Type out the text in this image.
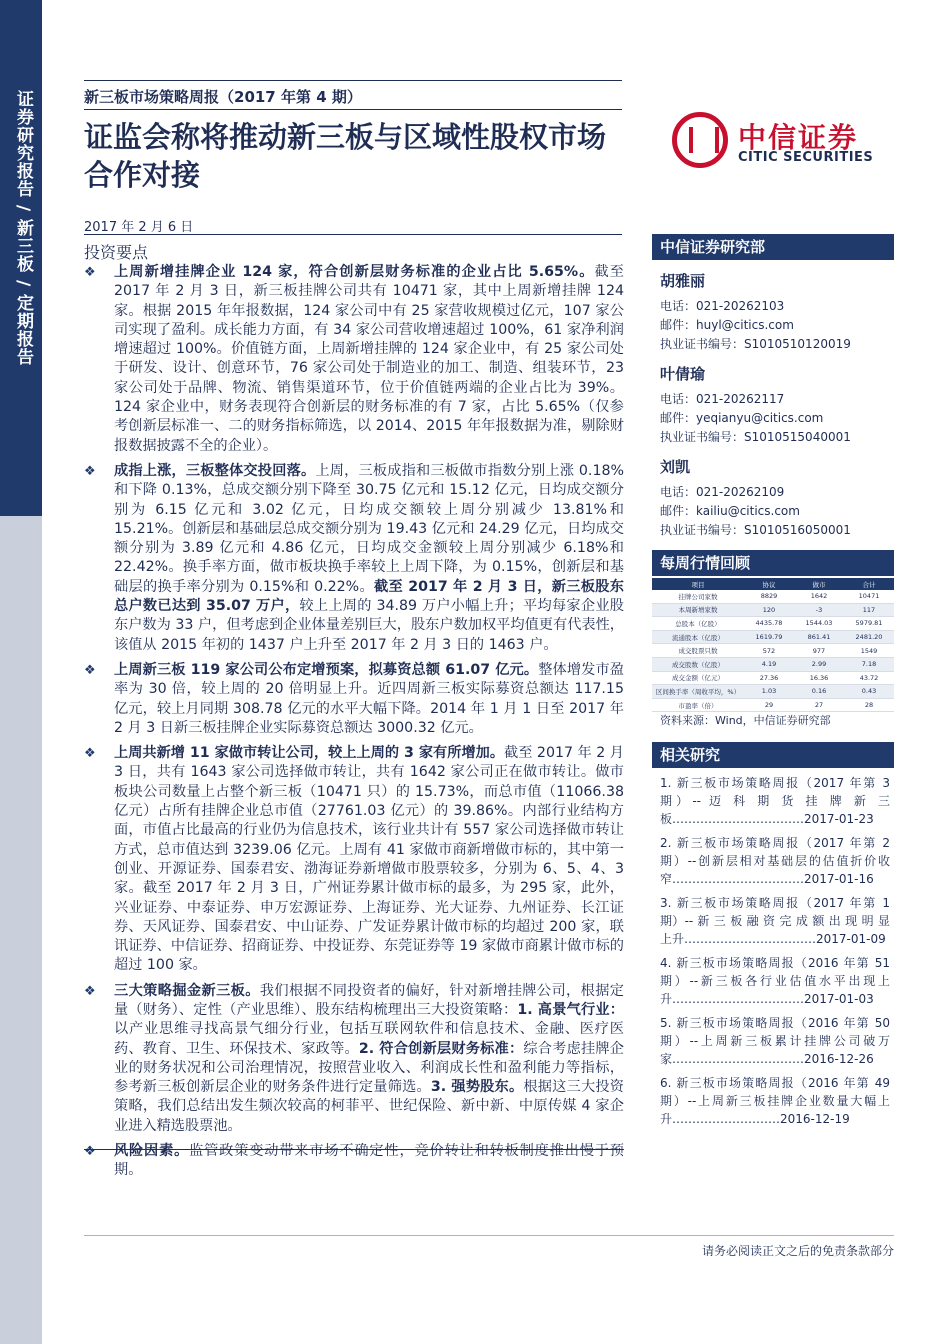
证券研究报告 / 新三板 / 定期报告	新三板市场策略周报（2017 年第 4 期）
证监会称将推动新三板与区域性股权市场合作对接
中信证券
CITIC SECURITIES
2017 年 2 月 6 日
投资要点
❖ 上周新增挂牌企业 124 家，符合创新层财务标准的企业占比 5.65%。截至 2017 年 2 月 3 日，新三板挂牌公司共有 10471 家，其中上周新增挂牌 124 家。根据 2015 年年报数据，124 家公司中有 25 家营收规模过亿元，107 家公司实现了盈利。成长能力方面，有 34 家公司营收增速超过 100%，61 家净利润增速超过 100%。价值链方面，上周新增挂牌的 124 家企业中，有 25 家公司处于研发、设计、创意环节，76 家公司处于制造业的加工、制造、组装环节，23 家公司处于品牌、物流、销售渠道环节，位于价值链两端的企业占比为 39%。124 家企业中，财务表现符合创新层的财务标准的有 7 家，占比 5.65%（仅参考创新层标准一、二的财务指标筛选，以 2014、2015 年年报数据为准，剔除财报数据披露不全的企业）。
❖ 成指上涨，三板整体交投回落。上周，三板成指和三板做市指数分别上涨 0.18%和下降 0.13%，总成交额分别下降至 30.75 亿元和 15.12 亿元，日均成交额分别为 6.15 亿元和 3.02 亿元，日均成交额较上周分别减少 13.81%和 15.21%。创新层和基础层总成交额分别为 19.43 亿元和 24.29 亿元，日均成交额分别为 3.89 亿元和 4.86 亿元，日均成交金额较上周分别减少 6.18%和 22.42%。换手率方面，做市板块换手率较上上周下降，为 0.15%，创新层和基础层的换手率分别为 0.15%和 0.22%。截至 2017 年 2 月 3 日，新三板股东总户数已达到 35.07 万户，较上上周的 34.89 万户小幅上升；平均每家企业股东户数为 33 户，但考虑到企业体量差别巨大，股东户数加权平均值更有代表性，该值从 2015 年初的 1437 户上升至 2017 年 2 月 3 日的 1463 户。
❖ 上周新三板 119 家公司公布定增预案，拟募资总额 61.07 亿元。整体增发市盈率为 30 倍，较上周的 20 倍明显上升。近四周新三板实际募资总额达 117.15 亿元，较上月同期 308.78 亿元的水平大幅下降。2014 年 1 月 1 日至 2017 年 2 月 3 日新三板挂牌企业实际募资总额达 3000.32 亿元。
❖ 上周共新增 11 家做市转让公司，较上上周的 3 家有所增加。截至 2017 年 2 月 3 日，共有 1643 家公司选择做市转让，共有 1642 家公司正在做市转让。做市板块公司数量上占整个新三板（10471 只）的 15.73%，而总市值（11066.38 亿元）占所有挂牌企业总市值（27761.03 亿元）的 39.86%。内部行业结构方面，市值占比最高的行业仍为信息技术，该行业共计有 557 家公司选择做市转让方式，总市值达到 3239.06 亿元。上周有 41 家做市商新增做市标的，其中第一创业、开源证券、国泰君安、渤海证券新增做市股票较多，分别为 6、5、4、3 家。截至 2017 年 2 月 3 日，广州证券累计做市标的最多，为 295 家，此外，兴业证券、中泰证券、申万宏源证券、上海证券、光大证券、九州证券、长江证券、天风证券、国泰君安、中山证券、广发证券累计做市标的均超过 200 家，联讯证券、中信证券、招商证券、中投证券、东莞证券等 19 家做市商累计做市标的超过 100 家。
❖ 三大策略掘金新三板。我们根据不同投资者的偏好，针对新增挂牌公司，根据定量（财务）、定性（产业思维）、股东结构梳理出三大投资策略：1. 高景气行业：以产业思维寻找高景气细分行业，包括互联网软件和信息技术、金融、医疗医药、教育、卫生、环保技术、家政等。2. 符合创新层财务标准：综合考虑挂牌企业的财务状况和公司治理情况，按照营业收入、利润成长性和盈利能力等指标，参考新三板创新层企业的财务条件进行定量筛选。3. 强势股东。根据这三大投资策略，我们总结出发生频次较高的柯菲平、世纪保险、新中新、中原传媒 4 家企业进入精选股票池。
❖ 风险因素。监管政策变动带来市场不确定性，竞价转让和转板制度推出慢于预期。
中信证券研究部
胡雅丽
电话：021-20262103
邮件：huyl@citics.com
执业证书编号：S1010510120019
叶倩瑜
电话：021-20262117
邮件：yeqianyu@citics.com
执业证书编号：S1010515040001
刘凯
电话：021-20262109
邮件：kailiu@citics.com
执业证书编号：S1010516050001
每周行情回顾
项目	协议	做市	合计
挂牌公司家数	8829	1642	10471
本周新增家数	120	-3	117
总股本（亿股）	4435.78	1544.03	5979.81
流通股本（亿股）	1619.79	861.41	2481.20
成交股票只数	572	977	1549
成交股数（亿股）	4.19	2.99	7.18
成交金额（亿元）	27.36	16.36	43.72
区间换手率（周收平均，%）	1.03	0.16	0.43
市盈率（倍）	29	27	28
资料来源：Wind，中信证券研究部
相关研究
1. 新三板市场策略周报（2017 年第 3 期）-- 迈 科 期 货 挂 牌 新 三 板……………………………2017-01-23
2. 新三板市场策略周报（2017 年第 2 期）--创新层相对基础层的估值折价收窄……………………………2017-01-16
3. 新三板市场策略周报（2017 年第 1 期）-- 新 三 板 融 资 完 成 额 出 现 明 显 上升……………………………2017-01-09
4. 新三板市场策略周报（2016 年第 51 期）--新三板各行业估值水平出现上升……………………………2017-01-03
5. 新三板市场策略周报（2016 年第 50 期）--上周新三板累计挂牌公司破万家……………………………2016-12-26
6. 新三板市场策略周报（2016 年第 49 期）--上周新三板挂牌企业数量大幅上升………………………2016-12-19
请务必阅读正文之后的免责条款部分
